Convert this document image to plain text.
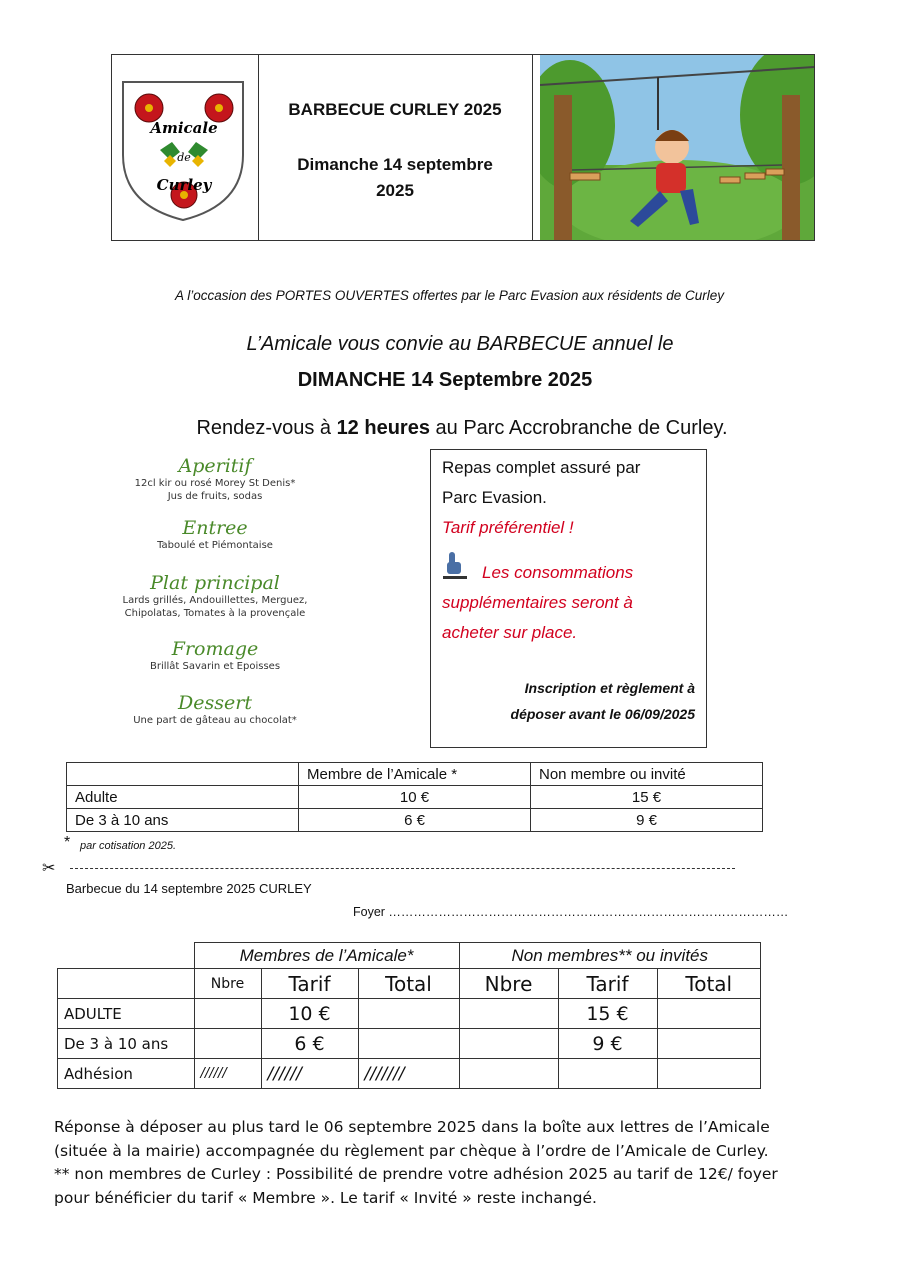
Amicale
de
Curley
BARBECUE CURLEY 2025
Dimanche 14 septembre 2025
A l’occasion des PORTES OUVERTES offertes par le Parc Evasion aux résidents de Curley
L’Amicale vous convie au BARBECUE annuel le
DIMANCHE 14 Septembre 2025
Rendez-vous à 12 heures au Parc Accrobranche de Curley.
Aperitif
12cl kir ou rosé Morey St Denis*
Jus de fruits, sodas
Entree
Taboulé et Piémontaise
Plat principal
Lards grillés, Andouillettes, Merguez,
Chipolatas, Tomates à la provençale
Fromage
Brillât Savarin et Epoisses
Dessert
Une part de gâteau au chocolat*
Repas complet assuré par
Parc Evasion.
Tarif préférentiel !
Les consommations
supplémentaires seront à
acheter sur place.
Inscription et règlement à
déposer avant le 06/09/2025
	Membre de l’Amicale *	Non membre ou invité
Adulte	10 €	15 €
De 3 à 10 ans	6 €	9 €
* par cotisation 2025.
✂
Barbecue du 14 septembre 2025 CURLEY
Foyer ……………………………………………………………………………………
	Membres de l’Amicale*			Non membres** ou invités		
	Nbre	Tarif	Total	Nbre	Tarif	Total
ADULTE		10 €			15 €	
De 3 à 10 ans		6 €			9 €	
Adhésion	//////	//////	///////			
Réponse à déposer au plus tard le 06 septembre 2025 dans la boîte aux lettres de l’Amicale
(située à la mairie) accompagnée du règlement par chèque à l’ordre de l’Amicale de Curley.
** non membres de Curley : Possibilité de prendre votre adhésion 2025 au tarif de 12€/ foyer
pour bénéficier du tarif « Membre ». Le tarif « Invité » reste inchangé.
